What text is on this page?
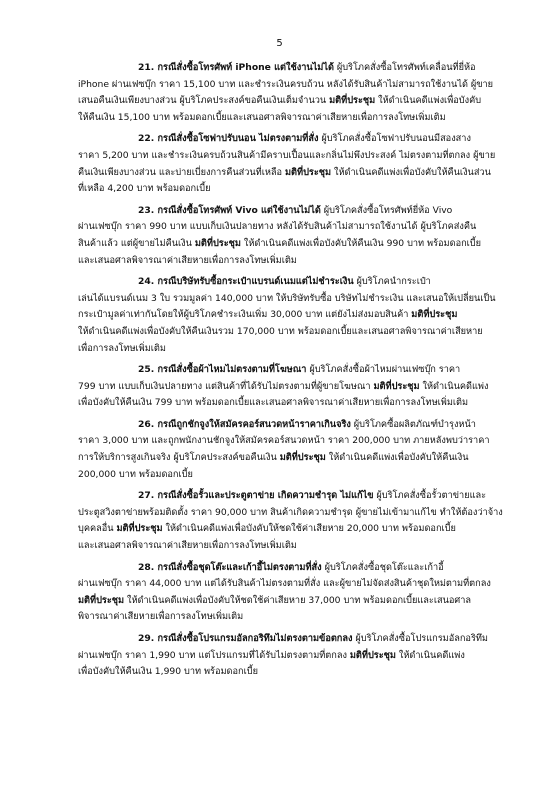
5
21. กรณีสั่งซื้อโทรศัพท์ iPhone แต่ใช้งานไม่ได้ ผู้บริโภคสั่งซื้อโทรศัพท์เคลื่อนที่ยี่ห้อ
iPhone ผ่านเฟซบุ๊ก ราคา 15,100 บาท และชำระเงินครบถ้วน หลังได้รับสินค้าไม่สามารถใช้งานได้ ผู้ขาย
เสนอคืนเงินเพียงบางส่วน ผู้บริโภคประสงค์ขอคืนเงินเต็มจำนวน มติที่ประชุม ให้ดำเนินคดีแพ่งเพื่อบังคับ
ให้คืนเงิน 15,100 บาท พร้อมดอกเบี้ยและเสนอศาลพิจารณาค่าเสียหายเพื่อการลงโทษเพิ่มเติม
22. กรณีสั่งซื้อโซฟาปรับนอน ไม่ตรงตามที่สั่ง ผู้บริโภคสั่งซื้อโซฟาปรับนอนมีสองสาง
ราคา 5,200 บาท และชำระเงินครบถ้วนสินค้ามีคราบเปื้อนและกลิ่นไม่พึงประสงค์ ไม่ตรงตามที่ตกลง ผู้ขาย
คืนเงินเพียงบางส่วน และบ่ายเบี่ยงการคืนส่วนที่เหลือ มติที่ประชุม ให้ดำเนินคดีแพ่งเพื่อบังคับให้คืนเงินส่วน
ที่เหลือ 4,200 บาท พร้อมดอกเบี้ย
23. กรณีสั่งซื้อโทรศัพท์ Vivo แต่ใช้งานไม่ได้ ผู้บริโภคสั่งซื้อโทรศัพท์ยี่ห้อ Vivo
ผ่านเฟซบุ๊ก ราคา 990 บาท แบบเก็บเงินปลายทาง หลังได้รับสินค้าไม่สามารถใช้งานได้ ผู้บริโภคส่งคืน
สินค้าแล้ว แต่ผู้ขายไม่คืนเงิน มติที่ประชุม ให้ดำเนินคดีแพ่งเพื่อบังคับให้คืนเงิน 990 บาท พร้อมดอกเบี้ย
และเสนอศาลพิจารณาค่าเสียหายเพื่อการลงโทษเพิ่มเติม
24. กรณีบริษัทรับซื้อกระเป๋าแบรนด์เนมแต่ไม่ชำระเงิน ผู้บริโภคนำกระเป๋า
เล่นได้แบรนด์เนม 3 ใบ รวมมูลค่า 140,000 บาท ให้บริษัทรับซื้อ บริษัทไม่ชำระเงิน และเสนอให้เปลี่ยนเป็น
กระเป๋ามูลค่าเท่ากันโดยให้ผู้บริโภคชำระเงินเพิ่ม 30,000 บาท แต่ยังไม่ส่งมอบสินค้า มติที่ประชุม
ให้ดำเนินคดีแพ่งเพื่อบังคับให้คืนเงินรวม 170,000 บาท พร้อมดอกเบี้ยและเสนอศาลพิจารณาค่าเสียหาย
เพื่อการลงโทษเพิ่มเติม
25. กรณีสั่งซื้อผ้าไหมไม่ตรงตามที่โฆษณา ผู้บริโภคสั่งซื้อผ้าไหมผ่านเฟซบุ๊ก ราคา
799 บาท แบบเก็บเงินปลายทาง แต่สินค้าที่ได้รับไม่ตรงตามที่ผู้ขายโฆษณา มติที่ประชุม ให้ดำเนินคดีแพ่ง
เพื่อบังคับให้คืนเงิน 799 บาท พร้อมดอกเบี้ยและเสนอศาลพิจารณาค่าเสียหายเพื่อการลงโทษเพิ่มเติม
26. กรณีถูกชักจูงให้สมัครคอร์สนวดหน้าราคาเกินจริง ผู้บริโภคซื้อผลิตภัณฑ์บำรุงหน้า
ราคา 3,000 บาท และถูกพนักงานชักจูงให้สมัครคอร์สนวดหน้า ราคา 200,000 บาท ภายหลังพบว่าราคา
การให้บริการสูงเกินจริง ผู้บริโภคประสงค์ขอคืนเงิน มติที่ประชุม ให้ดำเนินคดีแพ่งเพื่อบังคับให้คืนเงิน
200,000 บาท พร้อมดอกเบี้ย
27. กรณีสั่งซื้อรั้วและประตูตาข่าย เกิดความชำรุด ไม่แก้ไข ผู้บริโภคสั่งซื้อรั้วตาข่ายและ
ประตูสวิงตาข่ายพร้อมติดตั้ง ราคา 90,000 บาท สินค้าเกิดความชำรุด ผู้ขายไม่เข้ามาแก้ไข ทำให้ต้องว่าจ้าง
บุคคลอื่น มติที่ประชุม ให้ดำเนินคดีแพ่งเพื่อบังคับให้ชดใช้ค่าเสียหาย 20,000 บาท พร้อมดอกเบี้ย
และเสนอศาลพิจารณาค่าเสียหายเพื่อการลงโทษเพิ่มเติม
28. กรณีสั่งซื้อชุดโต๊ะและเก้าอี้ไม่ตรงตามที่สั่ง ผู้บริโภคสั่งซื้อชุดโต๊ะและเก้าอี้
ผ่านเฟซบุ๊ก ราคา 44,000 บาท แต่ได้รับสินค้าไม่ตรงตามที่สั่ง และผู้ขายไม่จัดส่งสินค้าชุดใหม่ตามที่ตกลง
มติที่ประชุม ให้ดำเนินคดีแพ่งเพื่อบังคับให้ชดใช้ค่าเสียหาย 37,000 บาท พร้อมดอกเบี้ยและเสนอศาล
พิจารณาค่าเสียหายเพื่อการลงโทษเพิ่มเติม
29. กรณีสั่งซื้อโปรแกรมอัลกอริทึมไม่ตรงตามข้อตกลง ผู้บริโภคสั่งซื้อโปรแกรมอัลกอริทึม
ผ่านเฟซบุ๊ก ราคา 1,990 บาท แต่โปรแกรมที่ได้รับไม่ตรงตามที่ตกลง มติที่ประชุม ให้ดำเนินคดีแพ่ง
เพื่อบังคับให้คืนเงิน 1,990 บาท พร้อมดอกเบี้ย
